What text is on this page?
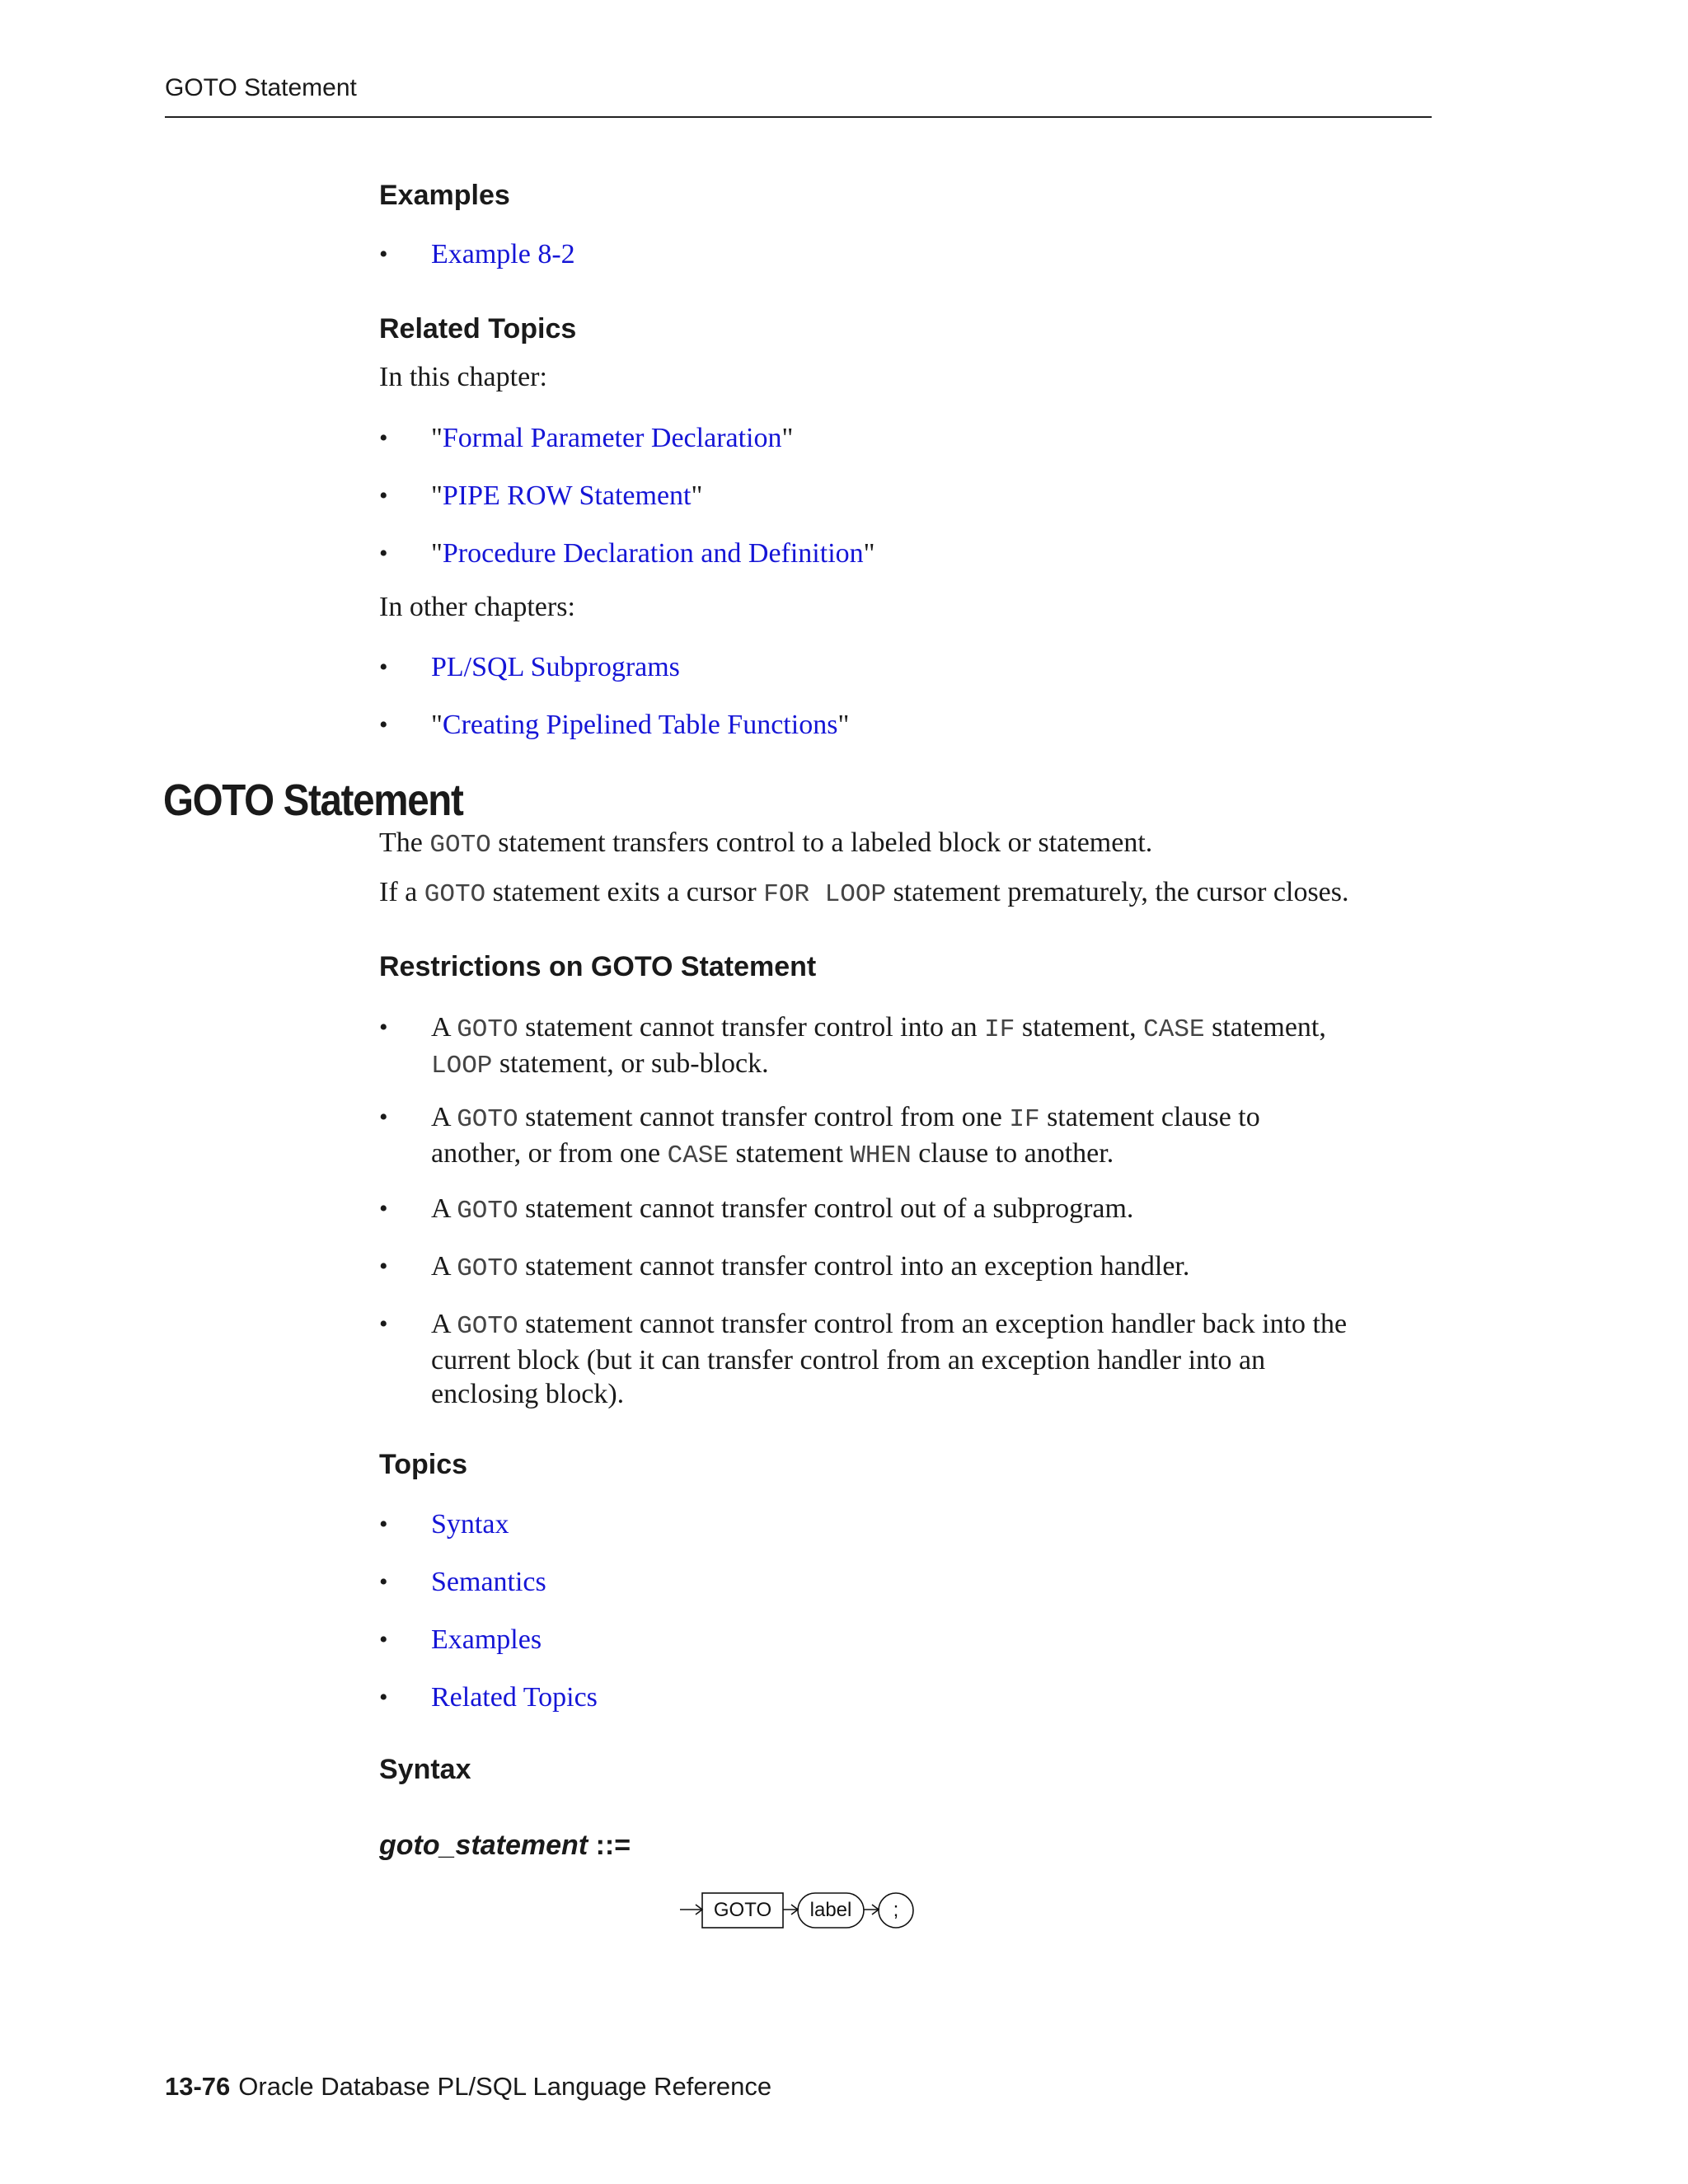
GOTO Statement
Examples
• Example 8-2
Related Topics
In this chapter:
• "Formal Parameter Declaration"
• "PIPE ROW Statement"
• "Procedure Declaration and Definition"
In other chapters:
• PL/SQL Subprograms
• "Creating Pipelined Table Functions"
GOTO Statement
The GOTO statement transfers control to a labeled block or statement.
If a GOTO statement exits a cursor FOR LOOP statement prematurely, the cursor closes.
Restrictions on GOTO Statement
• A GOTO statement cannot transfer control into an IF statement, CASE statement,
LOOP statement, or sub-block.
• A GOTO statement cannot transfer control from one IF statement clause to
another, or from one CASE statement WHEN clause to another.
• A GOTO statement cannot transfer control out of a subprogram.
• A GOTO statement cannot transfer control into an exception handler.
• A GOTO statement cannot transfer control from an exception handler back into the
current block (but it can transfer control from an exception handler into an
enclosing block).
Topics
• Syntax
• Semantics
• Examples
• Related Topics
Syntax
goto_statement ::=
GOTO label ;
13-76 Oracle Database PL/SQL Language Reference
